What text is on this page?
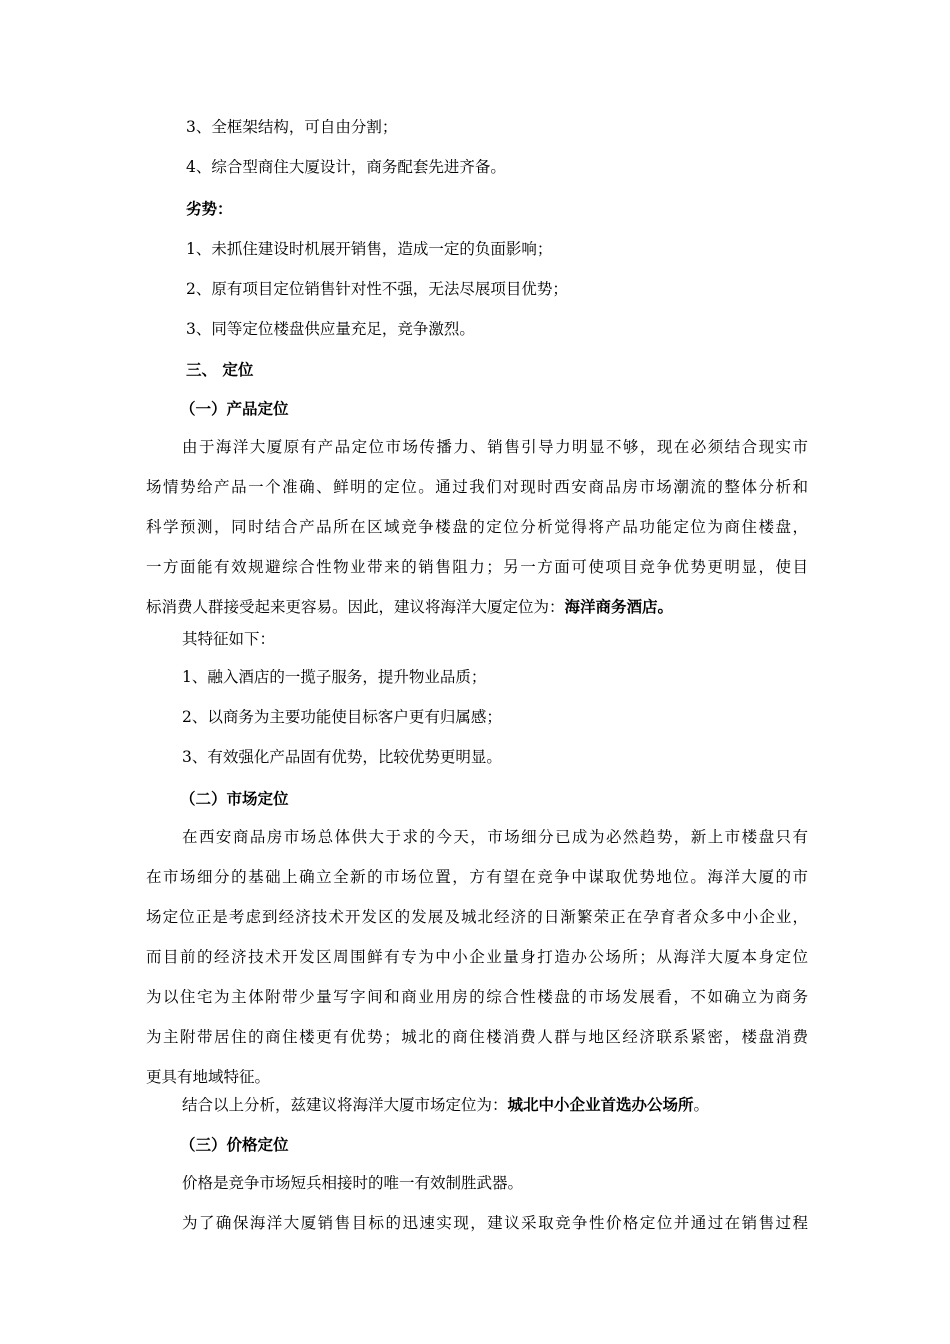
3、全框架结构，可自由分割；
4、综合型商住大厦设计，商务配套先进齐备。
劣势：
1、未抓住建设时机展开销售，造成一定的负面影响；
2、原有项目定位销售针对性不强，无法尽展项目优势；
3、同等定位楼盘供应量充足，竞争激烈。
三、 定位
（一）产品定位
由于海洋大厦原有产品定位市场传播力、销售引导力明显不够，现在必须结合现实市
场情势给产品一个准确、鲜明的定位。通过我们对现时西安商品房市场潮流的整体分析和
科学预测，同时结合产品所在区域竞争楼盘的定位分析觉得将产品功能定位为商住楼盘，
一方面能有效规避综合性物业带来的销售阻力；另一方面可使项目竞争优势更明显，使目
标消费人群接受起来更容易。因此，建议将海洋大厦定位为：海洋商务酒店。
其特征如下：
1、融入酒店的一揽子服务，提升物业品质；
2、以商务为主要功能使目标客户更有归属感；
3、有效强化产品固有优势，比较优势更明显。
（二）市场定位
在西安商品房市场总体供大于求的今天，市场细分已成为必然趋势，新上市楼盘只有
在市场细分的基础上确立全新的市场位置，方有望在竞争中谋取优势地位。海洋大厦的市
场定位正是考虑到经济技术开发区的发展及城北经济的日渐繁荣正在孕育者众多中小企业，
而目前的经济技术开发区周围鲜有专为中小企业量身打造办公场所；从海洋大厦本身定位
为以住宅为主体附带少量写字间和商业用房的综合性楼盘的市场发展看，不如确立为商务
为主附带居住的商住楼更有优势；城北的商住楼消费人群与地区经济联系紧密，楼盘消费
更具有地域特征。
结合以上分析，兹建议将海洋大厦市场定位为：城北中小企业首选办公场所。
（三）价格定位
价格是竞争市场短兵相接时的唯一有效制胜武器。
为了确保海洋大厦销售目标的迅速实现，建议采取竞争性价格定位并通过在销售过程
